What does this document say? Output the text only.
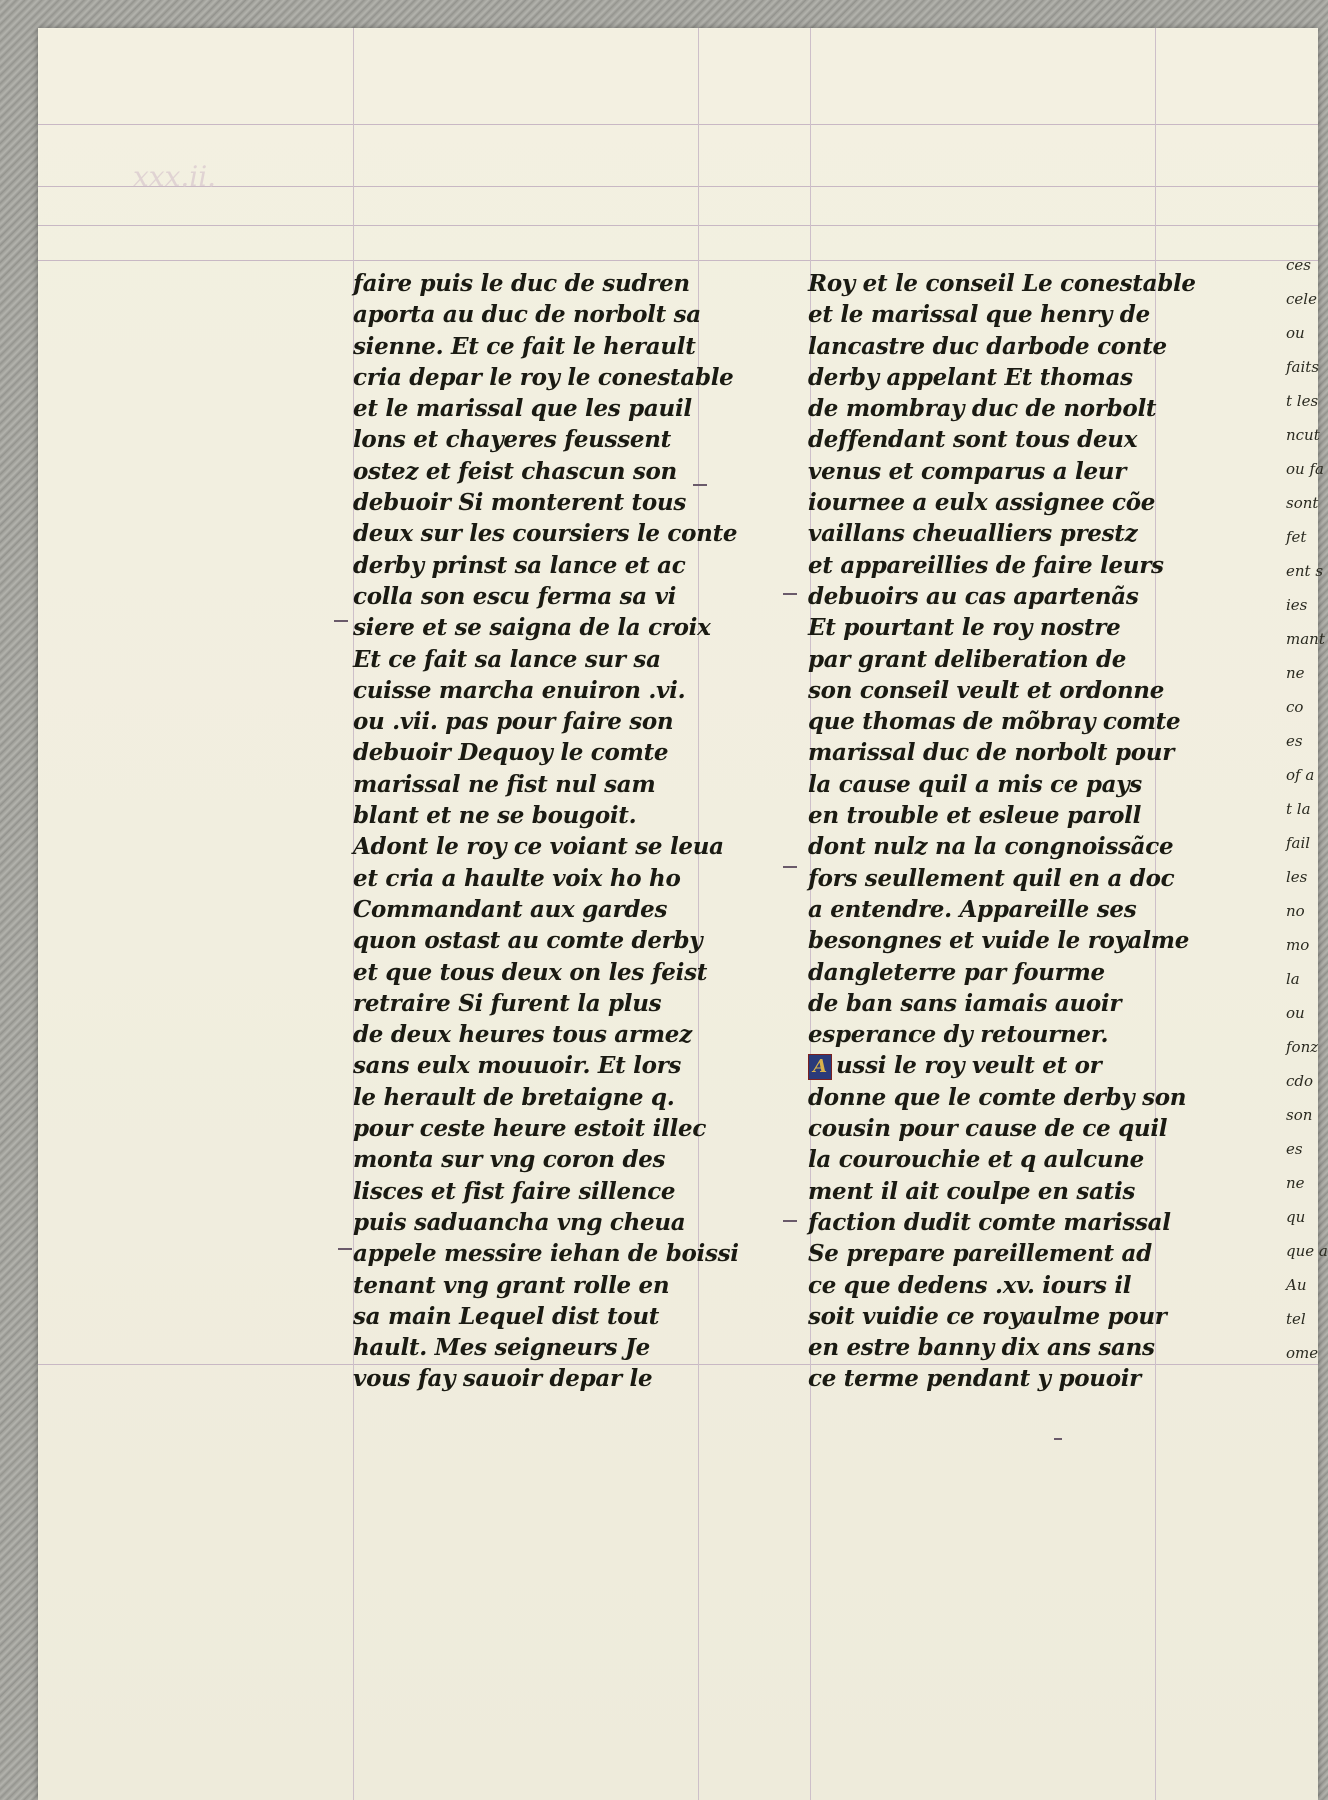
xxx.ii.
faire puis le duc de sudren
aporta au duc de norbolt sa
sienne. Et ce fait le herault
cria depar le roy le conestable
et le marissal que les pauil
lons et chayeres feussent
ostez et feist chascun son
debuoir Si monterent tous
deux sur les coursiers le conte
derby prinst sa lance et ac
colla son escu ferma sa vi
siere et se saigna de la croix
Et ce fait sa lance sur sa
cuisse marcha enuiron .vi.
ou .vii. pas pour faire son
debuoir Dequoy le comte
marissal ne fist nul sam
blant et ne se bougoit.
Adont le roy ce voiant se leua
et cria a haulte voix ho ho
Commandant aux gardes
quon ostast au comte derby
et que tous deux on les feist
retraire Si furent la plus
de deux heures tous armez
sans eulx mouuoir. Et lors
le herault de bretaigne q.
pour ceste heure estoit illec
monta sur vng coron des
lisces et fist faire sillence
puis saduancha vng cheua
appele messire iehan de boissi
tenant vng grant rolle en
sa main Lequel dist tout
hault. Mes seigneurs Je
vous fay sauoir depar le
Roy et le conseil Le conestable
et le marissal que henry de
lancastre duc darbode conte
derby appelant Et thomas
de mombray duc de norbolt
deffendant sont tous deux
venus et comparus a leur
iournee a eulx assignee cõe
vaillans cheualliers prestz
et appareillies de faire leurs
debuoirs au cas apartenãs
Et pourtant le roy nostre
par grant deliberation de
son conseil veult et ordonne
que thomas de mõbray comte
marissal duc de norbolt pour
la cause quil a mis ce pays
en trouble et esleue paroll
dont nulz na la congnoissãce
fors seullement quil en a doc
a entendre. Appareille ses
besongnes et vuide le royalme
dangleterre par fourme
de ban sans iamais auoir
esperance dy retourner.
A ussi le roy veult et or
donne que le comte derby son
cousin pour cause de ce quil
la courouchie et q aulcune
ment il ait coulpe en satis
faction dudit comte marissal
Se prepare pareillement ad
ce que dedens .xv. iours il
soit vuidie ce royaulme pour
en estre banny dix ans sans
ce terme pendant y pouoir
ces
cele
ou
faits
t les
ncut
ou fa
sont
fet
ent s
ies
mant
ne
co
es
of a
t la
fail
les
no
mo
la
ou
fonz
cdo
son
es
ne
qu
que a
Au
tel
ome
